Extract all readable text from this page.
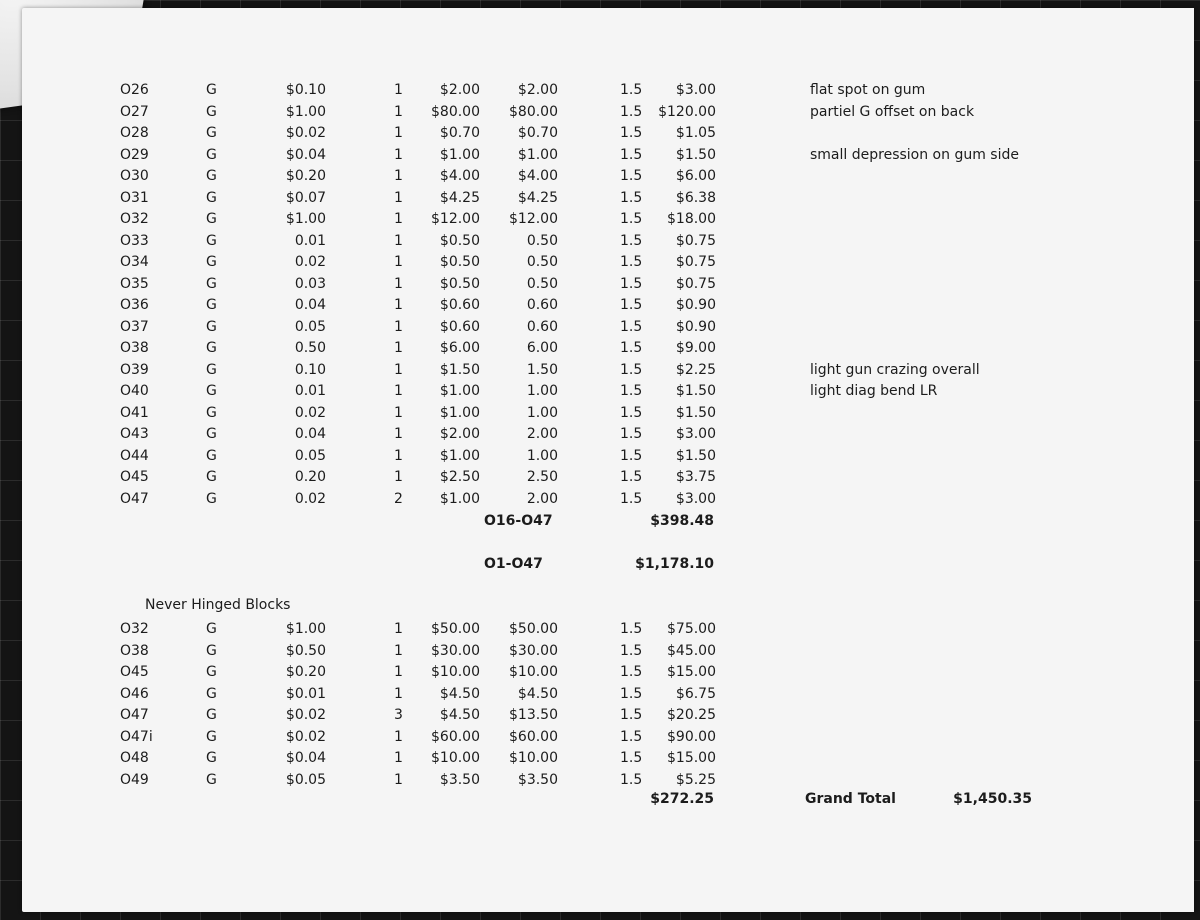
O26	G	$0.10	1	$2.00	$2.00	1.5 $3.00	flat spot on gum
O27	G	$1.00	1 $80.00 $80.00	1.5 $120.00	partiel G offset on back
O28	G	$0.02	1	$0.70	$0.70	1.5 $1.05
O29	G	$0.04	1	$1.00	$1.00	1.5 $1.50	small depression on gum side
O30	G	$0.20	1	$4.00	$4.00	1.5 $6.00
O31	G	$0.07	1	$4.25	$4.25	1.5 $6.38
O32	G	$1.00	1 $12.00 $12.00	1.5 $18.00
O33	G	0.01	1	$0.50	0.50	1.5 $0.75
O34	G	0.02	1	$0.50	0.50	1.5 $0.75
O35	G	0.03	1	$0.50	0.50	1.5 $0.75
O36	G	0.04	1	$0.60	0.60	1.5 $0.90
O37	G	0.05	1	$0.60	0.60	1.5 $0.90
O38	G	0.50	1	$6.00	6.00	1.5 $9.00
O39	G	0.10	1	$1.50	1.50	1.5 $2.25	light gun crazing overall
O40	G	0.01	1	$1.00	1.00	1.5 $1.50	light diag bend LR
O41	G	0.02	1	$1.00	1.00	1.5 $1.50
O43	G	0.04	1	$2.00	2.00	1.5 $3.00
O44	G	0.05	1	$1.00	1.00	1.5 $1.50
O45	G	0.20	1	$2.50	2.50	1.5 $3.75
O47	G	0.02	2	$1.00	2.00	1.5 $3.00
O16-O47	$398.48
O1-O47	$1,178.10
Never Hinged Blocks
O32	G	$1.00	1 $50.00 $50.00	1.5 $75.00
O38	G	$0.50	1 $30.00 $30.00	1.5 $45.00
O45	G	$0.20	1 $10.00 $10.00	1.5 $15.00
O46	G	$0.01	1	$4.50	$4.50	1.5 $6.75
O47	G	$0.02	3	$4.50 $13.50	1.5 $20.25
O47i	G	$0.02	1 $60.00 $60.00	1.5 $90.00
O48	G	$0.04	1 $10.00 $10.00	1.5 $15.00
O49	G	$0.05	1	$3.50	$3.50	1.5 $5.25
$272.25	Grand Total	$1,450.35
